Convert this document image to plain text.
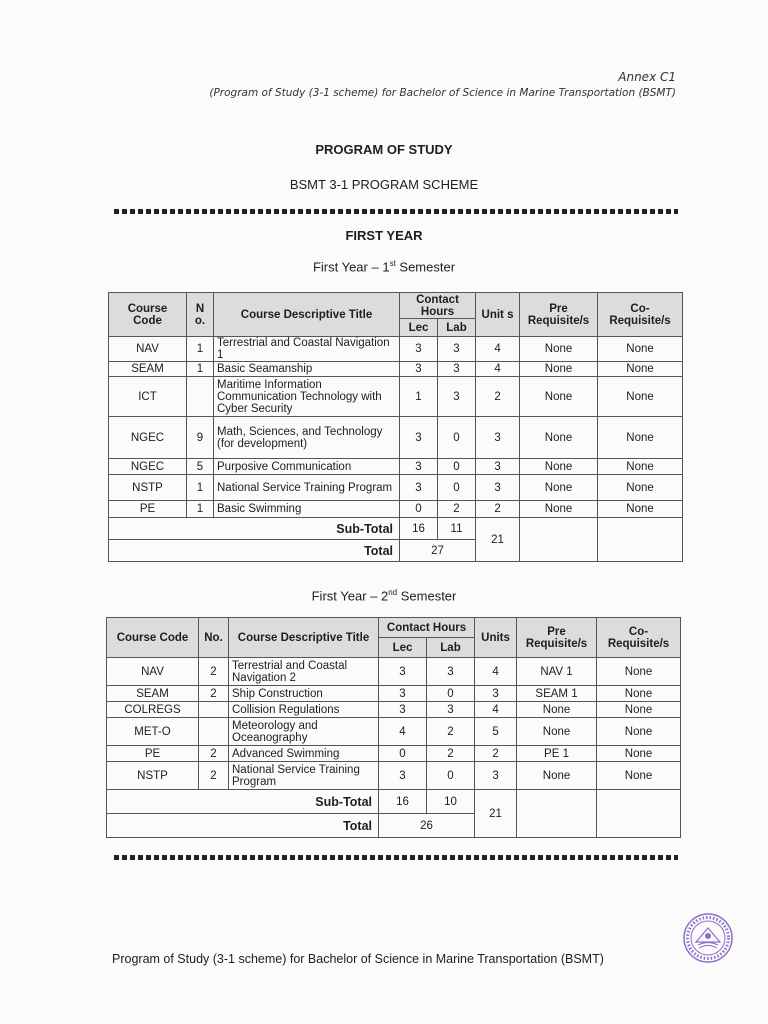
Annex C1
(Program of Study (3-1 scheme) for Bachelor of Science in Marine Transportation (BSMT)
PROGRAM OF STUDY
BSMT 3-1 PROGRAM SCHEME
FIRST YEAR
First Year – 1st Semester
Course Code	N o.	Course Descriptive Title	Contact Hours		Unit s	Pre Requisite/s	Co- Requisite/s
			Lec	Lab			
NAV	1	Terrestrial and Coastal Navigation 1	3	3	4	None	None
SEAM	1	Basic Seamanship	3	3	4	None	None
ICT		Maritime Information Communication Technology with Cyber Security	1	3	2	None	None
NGEC	9	Math, Sciences, and Technology (for development)	3	0	3	None	None
NGEC	5	Purposive Communication	3	0	3	None	None
NSTP	1	National Service Training Program	3	0	3	None	None
PE	1	Basic Swimming	0	2	2	None	None
Sub-Total			16	11	21		
Total			27				
First Year – 2nd Semester
Course Code	No.	Course Descriptive Title	Contact Hours		Units	Pre Requisite/s	Co- Requisite/s
			Lec	Lab			
NAV	2	Terrestrial and Coastal Navigation 2	3	3	4	NAV 1	None
SEAM	2	Ship Construction	3	0	3	SEAM 1	None
COLREGS		Collision Regulations	3	3	4	None	None
MET-O		Meteorology and Oceanography	4	2	5	None	None
PE	2	Advanced Swimming	0	2	2	PE 1	None
NSTP	2	National Service Training Program	3	0	3	None	None
Sub-Total			16	10	21		
Total			26				
Program of Study (3-1 scheme) for Bachelor of Science in Marine Transportation (BSMT)
